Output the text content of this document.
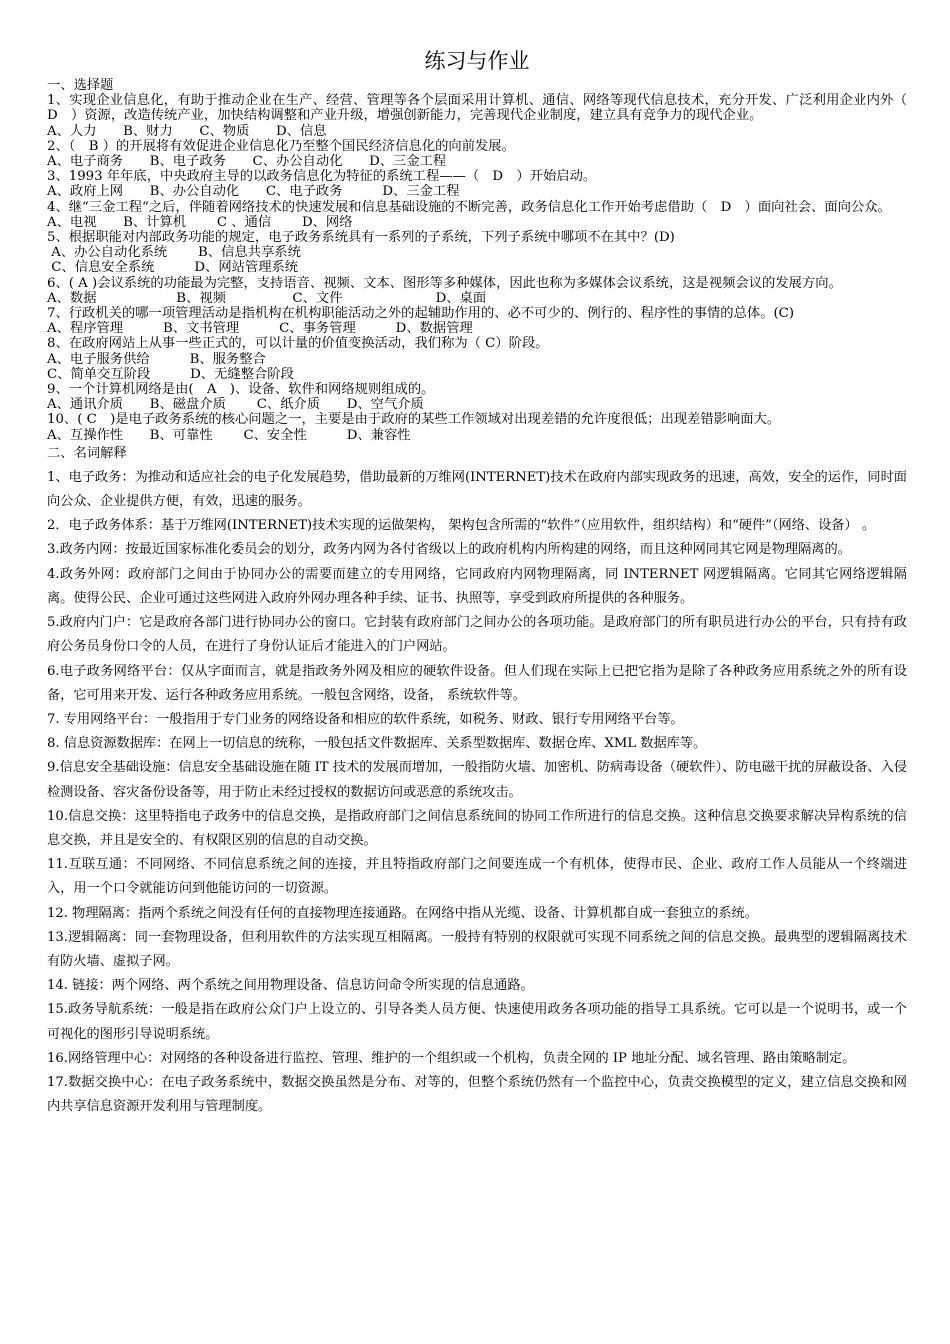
练习与作业
一、选择题
1、实现企业信息化，有助于推动企业在生产、经营、管理等各个层面采用计算机、通信、网络等现代信息技术，充分开发、广泛利用企业内外（　D　）资源，改造传统产业，加快结构调整和产业升级，增强创新能力，完善现代企业制度，建立具有竞争力的现代企业。
A、人力　　B、财力　　C、物质　　D、信息
2、（　B ）的开展将有效促进企业信息化乃至整个国民经济信息化的向前发展。
A、电子商务　　B、电子政务　　C、办公自动化　　D、三金工程
3、1993 年年底，中央政府主导的以政务信息化为特征的系统工程——（　D　）开始启动。
A、政府上网　　B、办公自动化　　C、电子政务　　　D、三金工程
4、继“三金工程“之后，伴随着网络技术的快速发展和信息基础设施的不断完善，政务信息化工作开始考虑借助（　D　）面向社会、面向公众。
A、电视　　B、计算机　　 C 、通信　　 D、网络
5、根据职能对内部政务功能的规定，电子政务系统具有一系列的子系统，下列子系统中哪项不在其中？(D)
A、办公自动化系统　　 B、信息共享系统
C、信息安全系统　　　D、网站管理系统
6、( A )会议系统的功能最为完整，支持语音、视频、文本、图形等多种媒体，因此也称为多媒体会议系统，这是视频会议的发展方向。
A、数据　　　　　　B、视频　　　　　C、文件　　　　　　　D、桌面
7、行政机关的哪一项管理活动是指机构在机构职能活动之外的起辅助作用的、必不可少的、例行的、程序性的事情的总体。(C)
A、程序管理　　　B、文书管理　　　C、事务管理　　　D、数据管理
8、在政府网站上从事一些正式的，可以计量的价值变换活动，我们称为（ C）阶段。
A、电子服务供给　　　B、服务整合
C、简单交互阶段　　　D、无缝整合阶段
9、一个计算机网络是由(　A　)、设备、软件和网络规则组成的。
A、通讯介质　　B、磁盘介质　　 C、纸介质　　D、空气介质
10、( C　)是电子政务系统的核心问题之一，主要是由于政府的某些工作领域对出现差错的允许度很低；出现差错影响面大。
A、互操作性　　B、可靠性　　 C、安全性　　　D、兼容性
二、名词解释

1、电子政务：为推动和适应社会的电子化发展趋势，借助最新的万维网(INTERNET)技术在政府内部实现政务的迅速，高效，安全的运作，同时面向公众、企业提供方便，有效，迅速的服务。

2．电子政务体系：基于万维网(INTERNET)技术实现的运做架构， 架构包含所需的“软件”（应用软件，组织结构）和“硬件”（网络、设备） 。

3.政务内网：按最近国家标准化委员会的划分，政务内网为各付省级以上的政府机构内所构建的网络，而且这种网同其它网是物理隔离的。

4.政务外网：政府部门之间由于协同办公的需要而建立的专用网络，它同政府内网物理隔离，同 INTERNET 网逻辑隔离。它同其它网络逻辑隔离。使得公民、企业可通过这些网进入政府外网办理各种手续、证书、执照等，享受到政府所提供的各种服务。

5.政府内门户：它是政府各部门进行协同办公的窗口。它封装有政府部门之间办公的各项功能。是政府部门的所有职员进行办公的平台，只有持有政府公务员身份口令的人员，在进行了身份认证后才能进入的门户网站。

6.电子政务网络平台：仅从字面而言，就是指政务外网及相应的硬软件设备。但人们现在实际上已把它指为是除了各种政务应用系统之外的所有设备，它可用来开发、运行各种政务应用系统。一般包含网络，设备， 系统软件等。

7. 专用网络平台：一般指用于专门业务的网络设备和相应的软件系统，如税务、财政、银行专用网络平台等。

8. 信息资源数据库：在网上一切信息的统称，一般包括文件数据库、关系型数据库、数据仓库、XML 数据库等。

9.信息安全基础设施：信息安全基础设施在随 IT 技术的发展而增加，一般指防火墙、加密机、防病毒设备（硬软件）、防电磁干扰的屏蔽设备、入侵检测设备、容灾备份设备等，用于防止未经过授权的数据访问或恶意的系统攻击。

10.信息交换：这里特指电子政务中的信息交换，是指政府部门之间信息系统间的协同工作所进行的信息交换。这种信息交换要求解决异构系统的信息交换，并且是安全的、有权限区别的信息的自动交换。

11.互联互通：不同网络、不同信息系统之间的连接，并且特指政府部门之间要连成一个有机体，使得市民、企业、政府工作人员能从一个终端进入，用一个口令就能访问到他能访问的一切资源。

12. 物理隔离：指两个系统之间没有任何的直接物理连接通路。在网络中指从光缆、设备、计算机都自成一套独立的系统。

13.逻辑隔离：同一套物理设备，但利用软件的方法实现互相隔离。一般持有特别的权限就可实现不同系统之间的信息交换。最典型的逻辑隔离技术有防火墙、虚拟子网。

14. 链接：两个网络、两个系统之间用物理设备、信息访问命令所实现的信息通路。

15.政务导航系统：一般是指在政府公众门户上设立的、引导各类人员方便、快速使用政务各项功能的指导工具系统。它可以是一个说明书，或一个可视化的图形引导说明系统。

16.网络管理中心：对网络的各种设备进行监控、管理、维护的一个组织或一个机构，负责全网的 IP 地址分配、域名管理、路由策略制定。

17.数据交换中心：在电子政务系统中，数据交换虽然是分布、对等的，但整个系统仍然有一个监控中心，负责交换模型的定义，建立信息交换和网内共享信息资源开发利用与管理制度。
